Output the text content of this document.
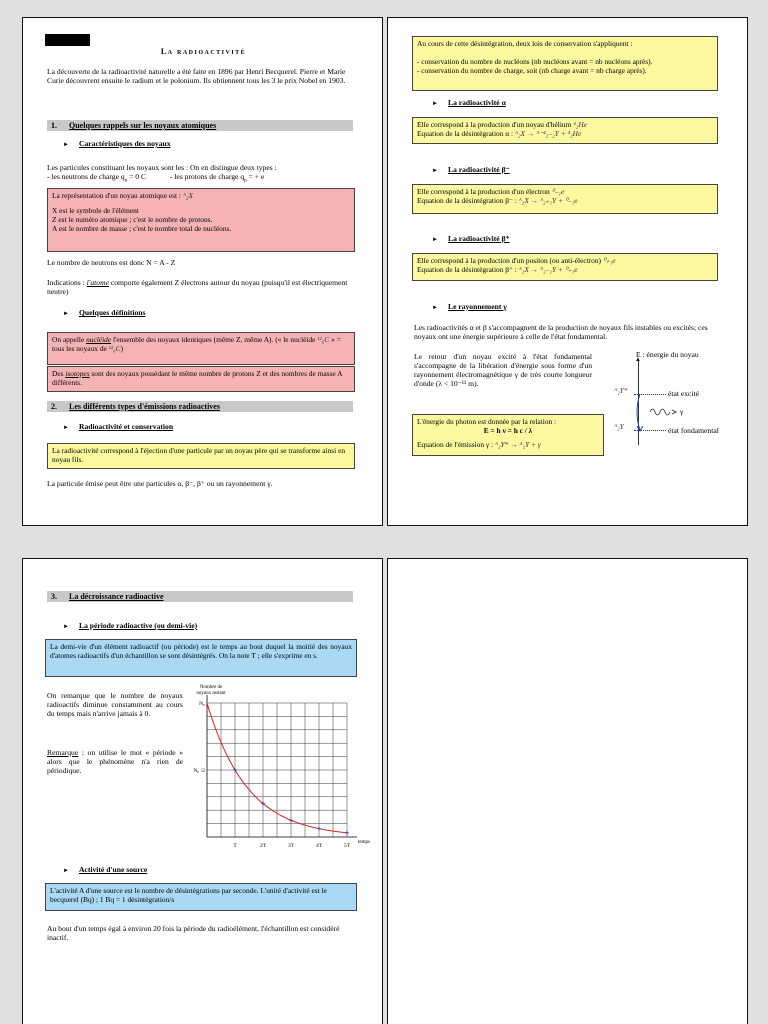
La radioactivité
La découverte de la radioactivité naturelle a été faite en 1896 par Henri Becquerel. Pierre et Marie Curie découvrent ensuite le radium et le polonium. Ils obtiennent tous les 3 le prix Nobel en 1903.
1. Quelques rappels sur les noyaux atomiques
► Caractéristiques des noyaux
Les particules constituant les noyaux sont les : On en distingue deux types :
- les neutrons de charge $q_n = 0$ C	- les protons de charge $q_p$ = + e
La représentation d'un noyau atomique est : ᴬ₂X
X est le symbole de l'élément
Z est le numéro atomique ; c'est le nombre de protons.
A est le nombre de masse ; c'est le nombre total de nucléons.
Le nombre de neutrons est donc N = A - Z
Indications : l'atome comporte également Z électrons autour du noyau (puisqu'il est électriquement neutre)
► Quelques définitions
On appelle nucléide l'ensemble des noyaux identiques (même Z, même A). (« le nucléide ¹²₆C » = tous les noyaux de ¹²₆C)
Des isotopes sont des noyaux possédant le même nombre de protons Z et des nombres de masse A différents.
2. Les différents types d'émissions radioactives
► Radioactivité et conservation
La radioactivité correspond à l'éjection d'une particule par un noyau père qui se transforme ainsi en noyau fils.
La particule émise peut être une particules α, β⁻, β⁺ ou un rayonnement γ.
Au cours de cette désintégration, deux lois de conservation s'appliquent :
- conservation du nombre de nucléons (nb nucléons avant = nb nucléons après).
- conservation du nombre de charge, soit (nb charge avant = nb charge après).
► La radioactivité α
Elle correspond à la production d'un noyau d'hélium ⁴₂He
Equation de la désintégration α : ᴬ₂X → ᴬ⁻⁴₂₋₂Y + ⁴₂He
► La radioactivité β⁻
Elle correspond à la production d'un électron ⁰₋₁e
Equation de la désintégration β⁻ : ᴬ₂X → ᴬ₂₊₁Y + ⁰₋₁e
► La radioactivité β⁺
Elle correspond à la production d'un positon (ou anti-électron) ⁰₊₁e
Equation de la désintégration β⁺ : ᴬ₂X → ᴬ₂₋₁Y + ⁰₊₁e
► Le rayonnement γ
Les radioactivités α et β s'accompagnent de la production de noyaux fils instables ou excités; ces noyaux ont une énergie supérieure à celle de l'état fondamental.
Le retour d'un noyau excité à l'état fondamental s'accompagne de la libération d'énergie sous forme d'un rayonnement électromagnétique γ de très courte longueur d'onde (λ < 10⁻¹¹ m).
L'énergie du photon est donnée par la relation :
E = h ν = h c / λ
Equation de l'émission γ : ᴬ₂Y* → ᴬ₂Y + γ
E : énergie du noyau
▲
ᴬ₂Y*	état excité
ᴬ₂Y	état fondamental
γ
3. La décroissance radioactive
► La période radioactive (ou demi-vie)
La demi-vie d'un élément radioactif (ou période) est le temps au bout duquel la moitié des noyaux d'atomes radioactifs d'un échantillon se sont désintégrés. On la note T ; elle s'exprime en s.
On remarque que le nombre de noyaux radioactifs diminue constamment au cours du temps mais n'arrive jamais à 0.
Remarque : on utilise le mot « période » alors que le phénomène n'a rien de périodique.
Nombre de noyaux restant
temps
T	2T	3T	4T	5T
N₀
N₀ /2
► Activité d'une source
L'activité A d'une source est le nombre de désintégrations par seconde. L'unité d'activité est le becquerel (Bq) ; 1 Bq = 1 désintégration/s
Au bout d'un temps égal à environ 20 fois la période du radioélément, l'échantillon est considéré inactif.
